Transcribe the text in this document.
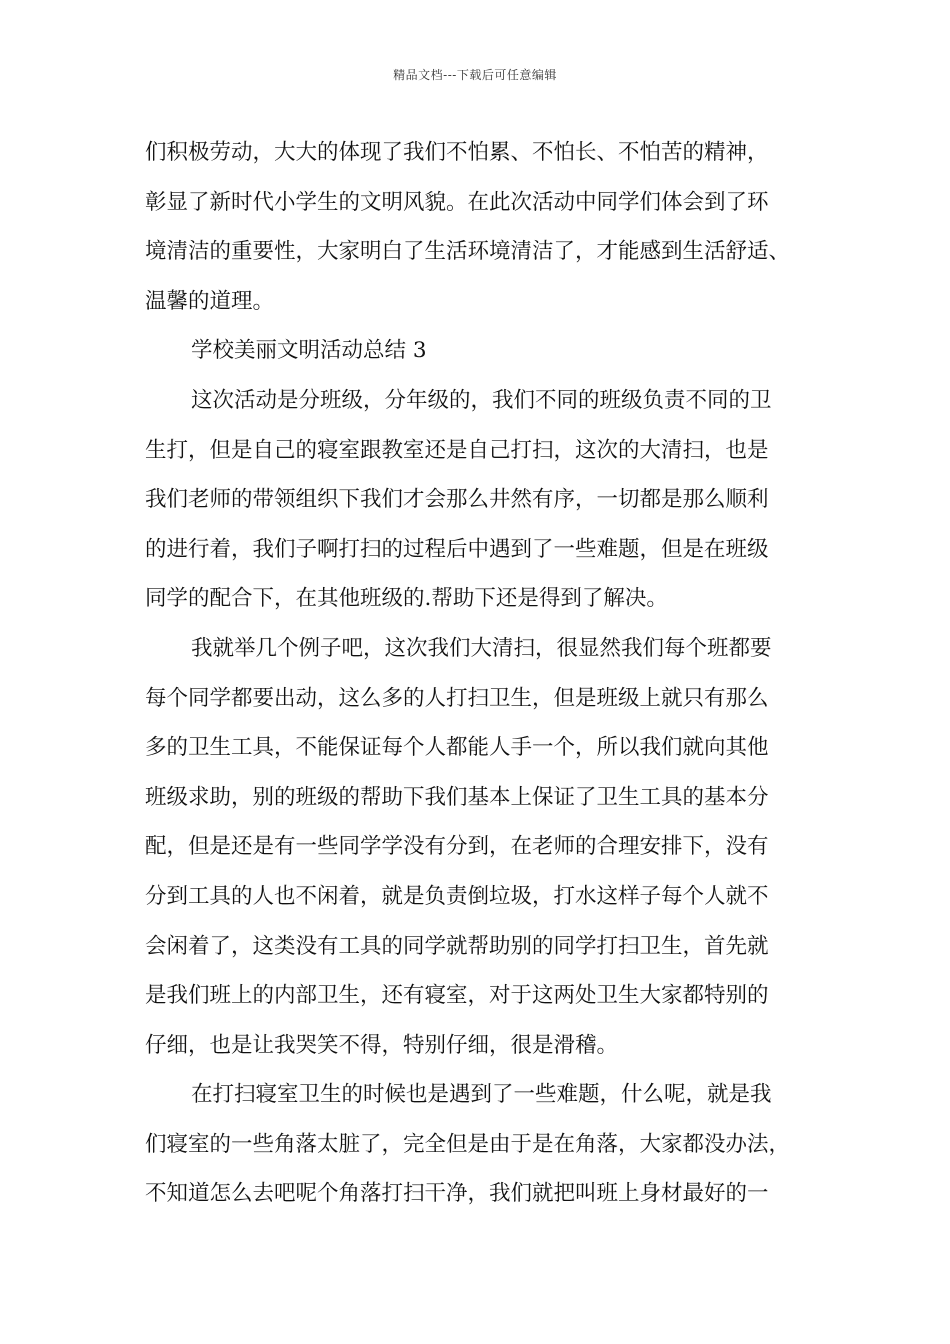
精品文档---下载后可任意编辑
们积极劳动，大大的体现了我们不怕累、不怕长、不怕苦的精神，
彰显了新时代小学生的文明风貌。在此次活动中同学们体会到了环
境清洁的重要性，大家明白了生活环境清洁了，才能感到生活舒适、
温馨的道理。
学校美丽文明活动总结 3
这次活动是分班级，分年级的，我们不同的班级负责不同的卫
生打，但是自己的寝室跟教室还是自己打扫，这次的大清扫，也是
我们老师的带领组织下我们才会那么井然有序，一切都是那么顺利
的进行着，我们子啊打扫的过程后中遇到了一些难题，但是在班级
同学的配合下，在其他班级的.帮助下还是得到了解决。
我就举几个例子吧，这次我们大清扫，很显然我们每个班都要
每个同学都要出动，这么多的人打扫卫生，但是班级上就只有那么
多的卫生工具，不能保证每个人都能人手一个，所以我们就向其他
班级求助，别的班级的帮助下我们基本上保证了卫生工具的基本分
配，但是还是有一些同学学没有分到，在老师的合理安排下，没有
分到工具的人也不闲着，就是负责倒垃圾，打水这样子每个人就不
会闲着了，这类没有工具的同学就帮助别的同学打扫卫生，首先就
是我们班上的内部卫生，还有寝室，对于这两处卫生大家都特别的
仔细，也是让我哭笑不得，特别仔细，很是滑稽。
在打扫寝室卫生的时候也是遇到了一些难题，什么呢，就是我
们寝室的一些角落太脏了，完全但是由于是在角落，大家都没办法，
不知道怎么去吧呢个角落打扫干净，我们就把叫班上身材最好的一
